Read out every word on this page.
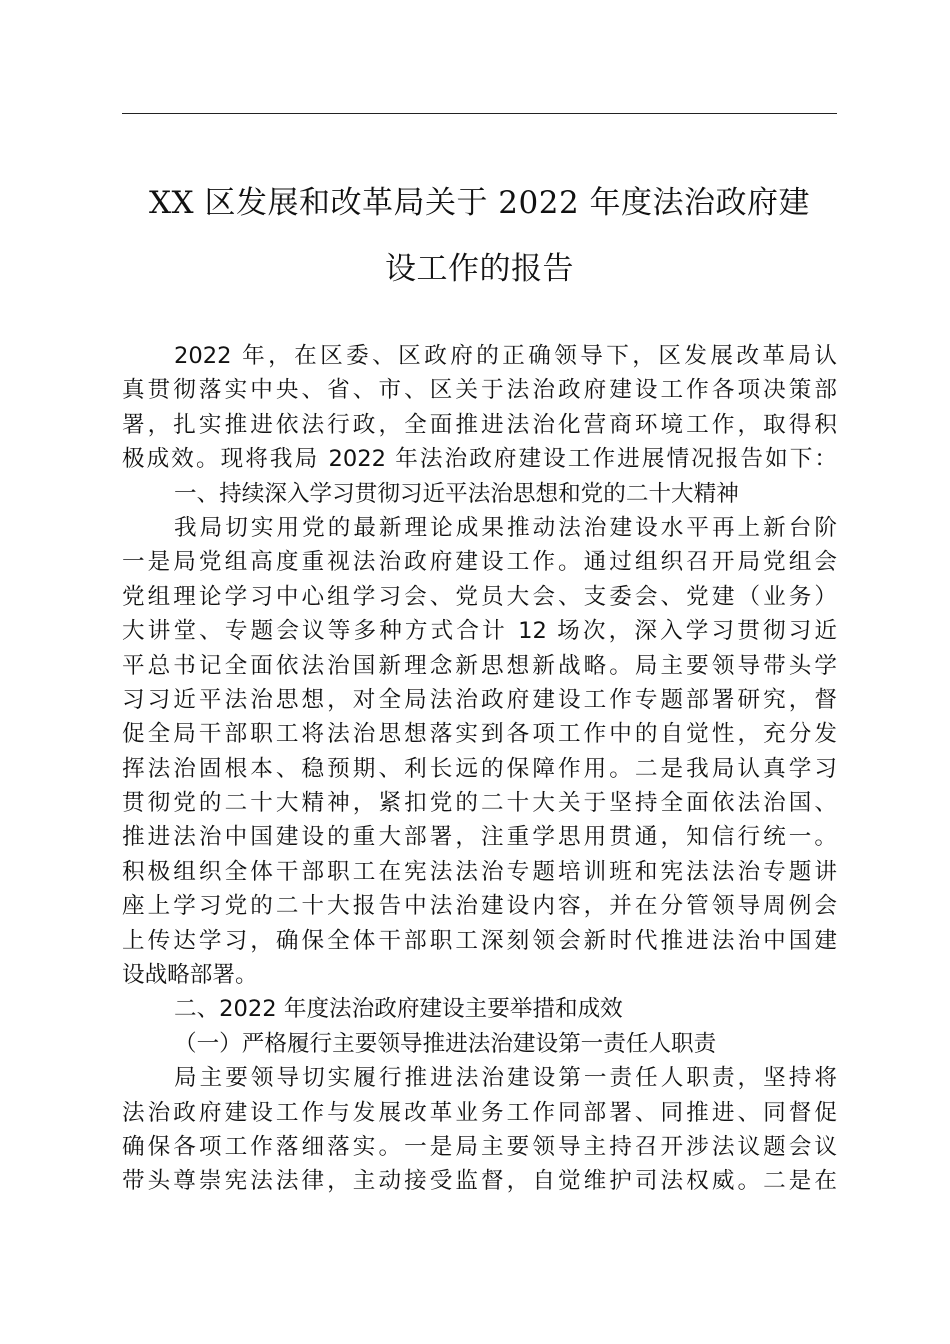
XX 区发展和改革局关于 2022 年度法治政府建
设工作的报告
2022 年，在区委、区政府的正确领导下，区发展改革局认
真贯彻落实中央、省、市、区关于法治政府建设工作各项决策部
署，扎实推进依法行政，全面推进法治化营商环境工作，取得积
极成效。现将我局 2022 年法治政府建设工作进展情况报告如下：
一、持续深入学习贯彻习近平法治思想和党的二十大精神
我局切实用党的最新理论成果推动法治建设水平再上新台阶
一是局党组高度重视法治政府建设工作。通过组织召开局党组会
党组理论学习中心组学习会、党员大会、支委会、党建（业务）
大讲堂、专题会议等多种方式合计 12 场次，深入学习贯彻习近
平总书记全面依法治国新理念新思想新战略。局主要领导带头学
习习近平法治思想，对全局法治政府建设工作专题部署研究，督
促全局干部职工将法治思想落实到各项工作中的自觉性，充分发
挥法治固根本、稳预期、利长远的保障作用。二是我局认真学习
贯彻党的二十大精神，紧扣党的二十大关于坚持全面依法治国、
推进法治中国建设的重大部署，注重学思用贯通，知信行统一。
积极组织全体干部职工在宪法法治专题培训班和宪法法治专题讲
座上学习党的二十大报告中法治建设内容，并在分管领导周例会
上传达学习，确保全体干部职工深刻领会新时代推进法治中国建
设战略部署。
二、2022 年度法治政府建设主要举措和成效
（一）严格履行主要领导推进法治建设第一责任人职责
局主要领导切实履行推进法治建设第一责任人职责，坚持将
法治政府建设工作与发展改革业务工作同部署、同推进、同督促
确保各项工作落细落实。一是局主要领导主持召开涉法议题会议
带头尊崇宪法法律，主动接受监督，自觉维护司法权威。二是在
